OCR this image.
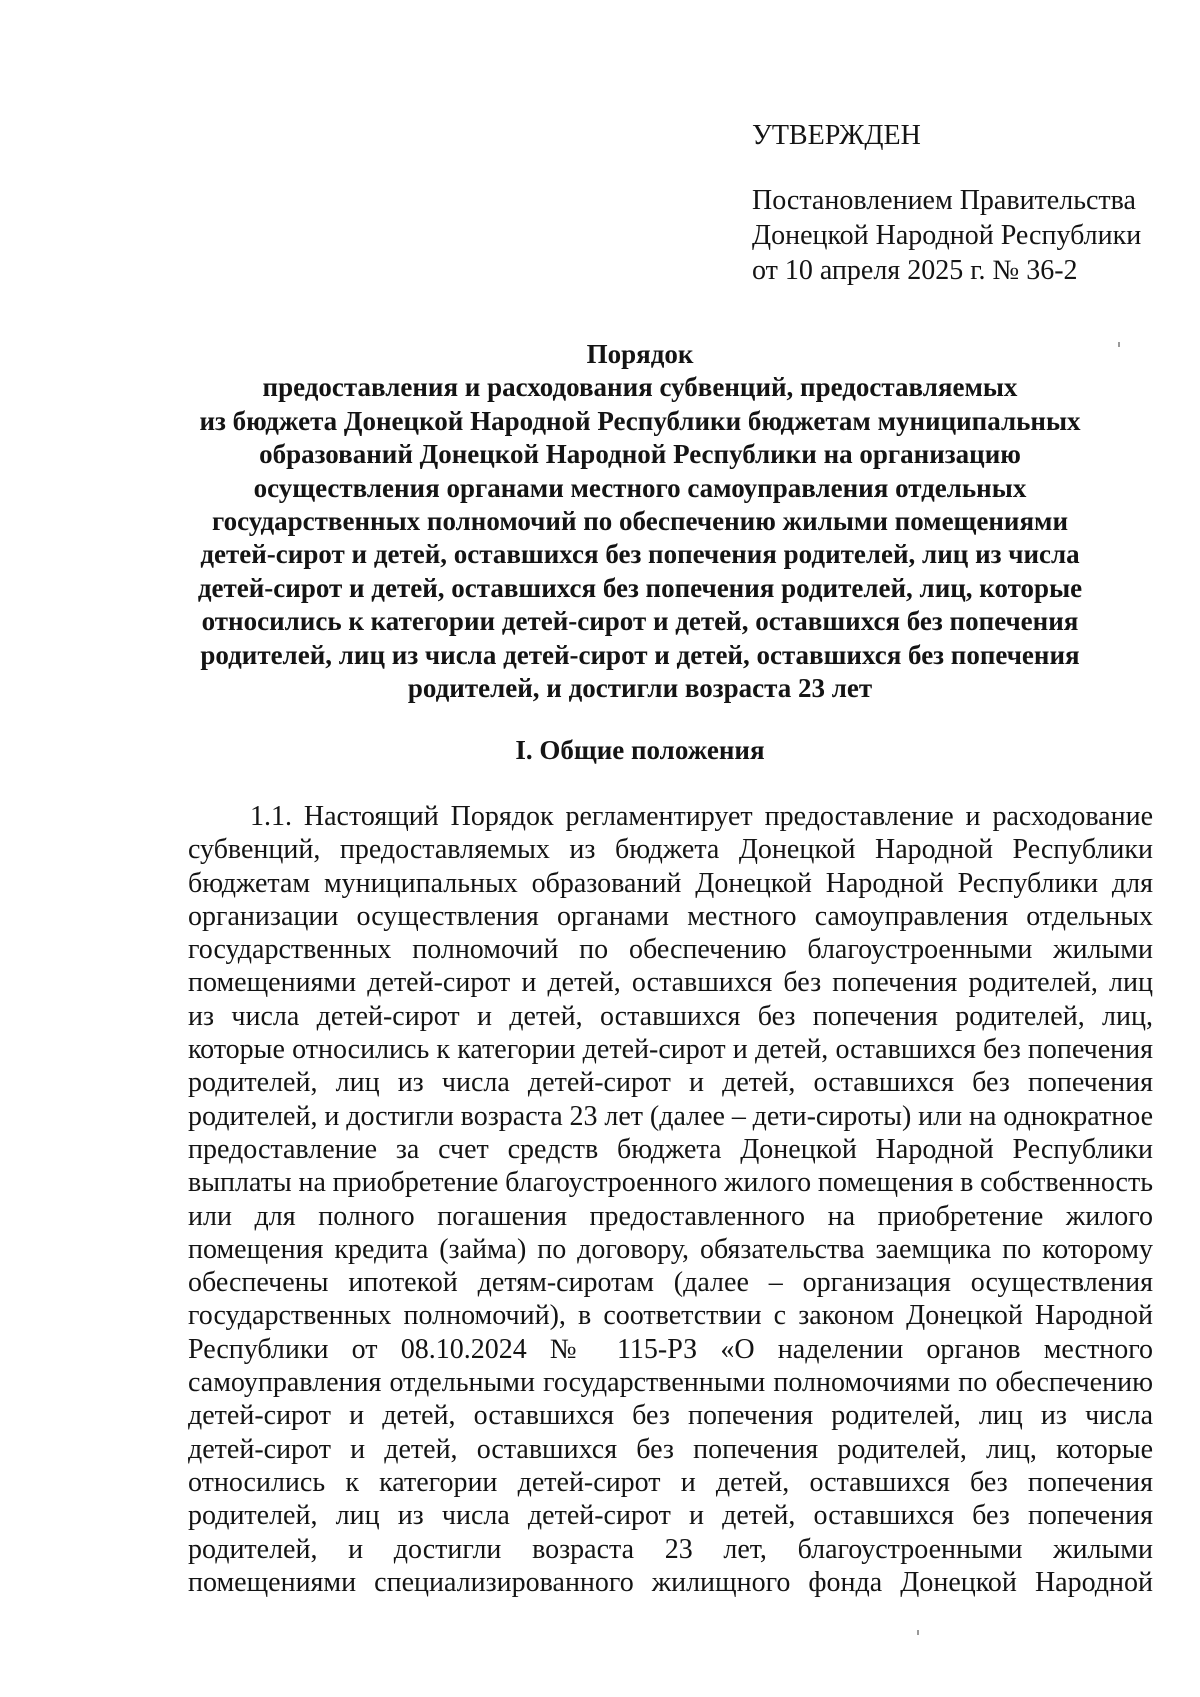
УТВЕРЖДЕН
Постановлением Правительства
Донецкой Народной Республики
от 10 апреля 2025 г. № 36-2
Порядок
предоставления и расходования субвенций, предоставляемых
из бюджета Донецкой Народной Республики бюджетам муниципальных
образований Донецкой Народной Республики на организацию
осуществления органами местного самоуправления отдельных
государственных полномочий по обеспечению жилыми помещениями
детей-сирот и детей, оставшихся без попечения родителей, лиц из числа
детей-сирот и детей, оставшихся без попечения родителей, лиц, которые
относились к категории детей-сирот и детей, оставшихся без попечения
родителей, лиц из числа детей-сирот и детей, оставшихся без попечения
родителей, и достигли возраста 23 лет
I. Общие положения
1.1. Настоящий Порядок регламентирует предоставление и расходование
субвенций, предоставляемых из бюджета Донецкой Народной Республики
бюджетам муниципальных образований Донецкой Народной Республики для
организации осуществления органами местного самоуправления отдельных
государственных полномочий по обеспечению благоустроенными жилыми
помещениями детей-сирот и детей, оставшихся без попечения родителей, лиц
из числа детей-сирот и детей, оставшихся без попечения родителей, лиц,
которые относились к категории детей-сирот и детей, оставшихся без попечения
родителей, лиц из числа детей-сирот и детей, оставшихся без попечения
родителей, и достигли возраста 23 лет (далее – дети-сироты) или на однократное
предоставление за счет средств бюджета Донецкой Народной Республики
выплаты на приобретение благоустроенного жилого помещения в собственность
или для полного погашения предоставленного на приобретение жилого
помещения кредита (займа) по договору, обязательства заемщика по которому
обеспечены ипотекой детям-сиротам (далее – организация осуществления
государственных полномочий), в соответствии с законом Донецкой Народной
Республики от 08.10.2024 № 115-РЗ «О наделении органов местного
самоуправления отдельными государственными полномочиями по обеспечению
детей-сирот и детей, оставшихся без попечения родителей, лиц из числа
детей-сирот и детей, оставшихся без попечения родителей, лиц, которые
относились к категории детей-сирот и детей, оставшихся без попечения
родителей, лиц из числа детей-сирот и детей, оставшихся без попечения
родителей, и достигли возраста 23 лет, благоустроенными жилыми
помещениями специализированного жилищного фонда Донецкой Народной
